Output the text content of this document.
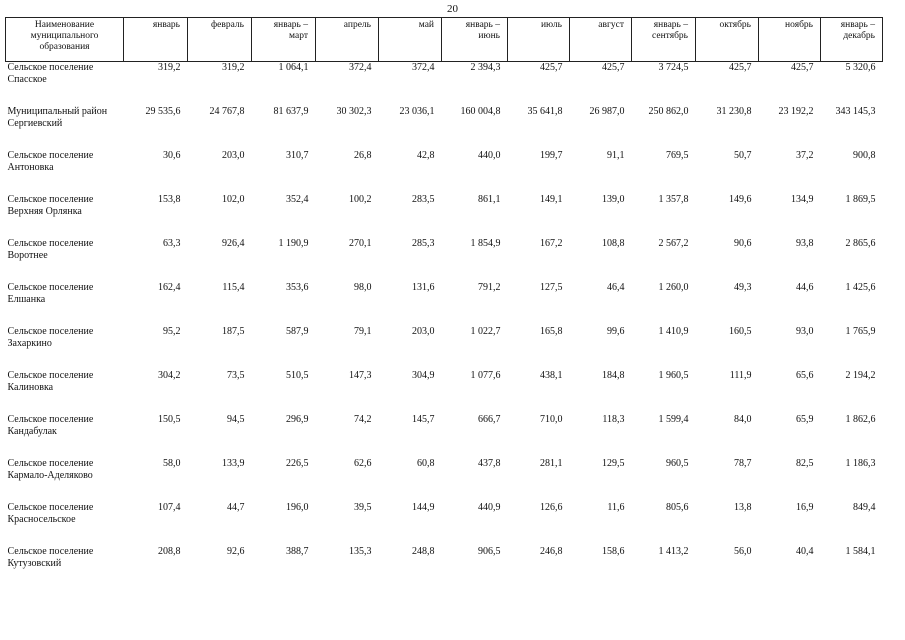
20
Наименование муниципального образования	январь	февраль	январь – март	апрель	май	январь – июнь	июль	август	январь – сентябрь	октябрь	ноябрь	январь – декабрь
Сельское поселение Спасское	319,2	319,2	1 064,1	372,4	372,4	2 394,3	425,7	425,7	3 724,5	425,7	425,7	5 320,6
Муниципальный район Сергиевский	29 535,6	24 767,8	81 637,9	30 302,3	23 036,1	160 004,8	35 641,8	26 987,0	250 862,0	31 230,8	23 192,2	343 145,3
Сельское поселение Антоновка	30,6	203,0	310,7	26,8	42,8	440,0	199,7	91,1	769,5	50,7	37,2	900,8
Сельское поселение Верхняя Орлянка	153,8	102,0	352,4	100,2	283,5	861,1	149,1	139,0	1 357,8	149,6	134,9	1 869,5
Сельское поселение Воротнее	63,3	926,4	1 190,9	270,1	285,3	1 854,9	167,2	108,8	2 567,2	90,6	93,8	2 865,6
Сельское поселение Елшанка	162,4	115,4	353,6	98,0	131,6	791,2	127,5	46,4	1 260,0	49,3	44,6	1 425,6
Сельское поселение Захаркино	95,2	187,5	587,9	79,1	203,0	1 022,7	165,8	99,6	1 410,9	160,5	93,0	1 765,9
Сельское поселение Калиновка	304,2	73,5	510,5	147,3	304,9	1 077,6	438,1	184,8	1 960,5	111,9	65,6	2 194,2
Сельское поселение Кандабулак	150,5	94,5	296,9	74,2	145,7	666,7	710,0	118,3	1 599,4	84,0	65,9	1 862,6
Сельское поселение Кармало-Аделяково	58,0	133,9	226,5	62,6	60,8	437,8	281,1	129,5	960,5	78,7	82,5	1 186,3
Сельское поселение Красносельское	107,4	44,7	196,0	39,5	144,9	440,9	126,6	11,6	805,6	13,8	16,9	849,4
Сельское поселение Кутузовский	208,8	92,6	388,7	135,3	248,8	906,5	246,8	158,6	1 413,2	56,0	40,4	1 584,1
